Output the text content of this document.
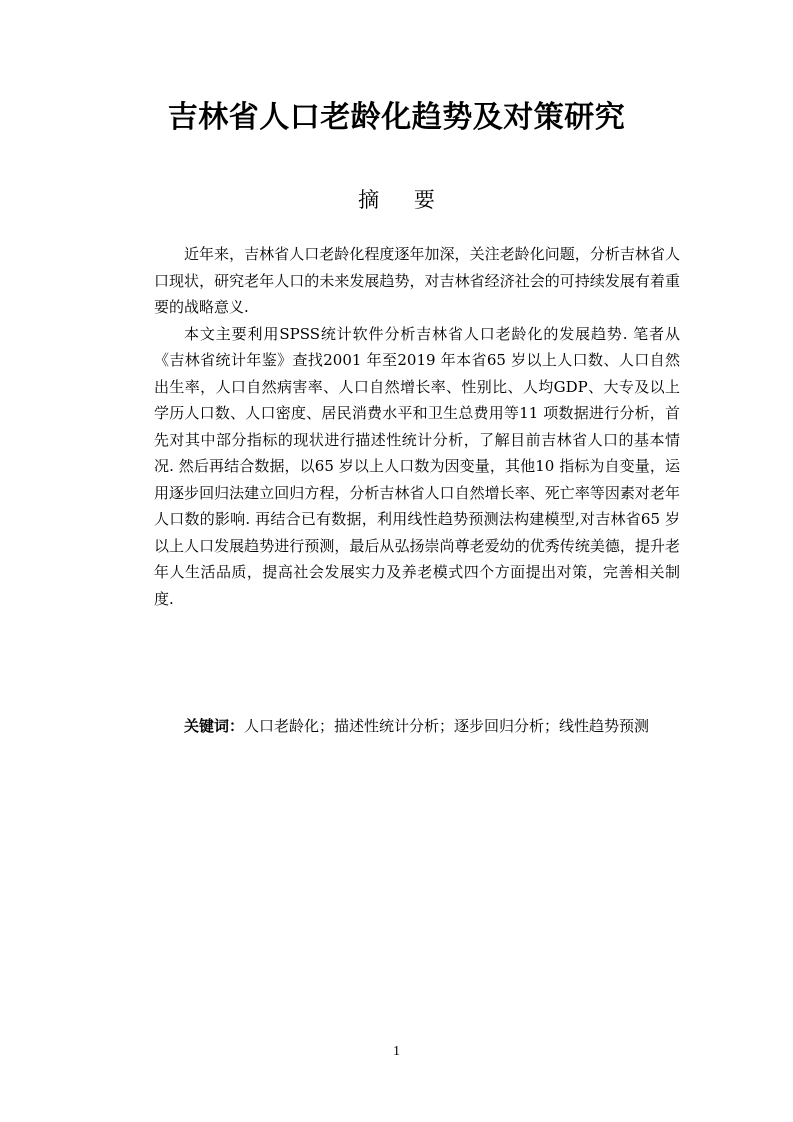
吉林省人口老龄化趋势及对策研究
摘 要

近年来，吉林省人口老龄化程度逐年加深，关注老龄化问题，分析吉林省人口现状，研究老年人口的未来发展趋势，对吉林省经济社会的可持续发展有着重要的战略意义.

本文主要利用SPSS统计软件分析吉林省人口老龄化的发展趋势. 笔者从《吉林省统计年鉴》查找2001 年至2019 年本省65 岁以上人口数、人口自然出生率，人口自然病害率、人口自然增长率、性别比、人均GDP、大专及以上学历人口数、人口密度、居民消费水平和卫生总费用等11 项数据进行分析，首先对其中部分指标的现状进行描述性统计分析，了解目前吉林省人口的基本情况. 然后再结合数据，以65 岁以上人口数为因变量，其他10 指标为自变量，运用逐步回归法建立回归方程，分析吉林省人口自然增长率、死亡率等因素对老年人口数的影响. 再结合已有数据，利用线性趋势预测法构建模型,对吉林省65 岁以上人口发展趋势进行预测，最后从弘扬崇尚尊老爱幼的优秀传统美德，提升老年人生活品质，提高社会发展实力及养老模式四个方面提出对策，完善相关制度.

关键词：人口老龄化；描述性统计分析；逐步回归分析；线性趋势预测
1
